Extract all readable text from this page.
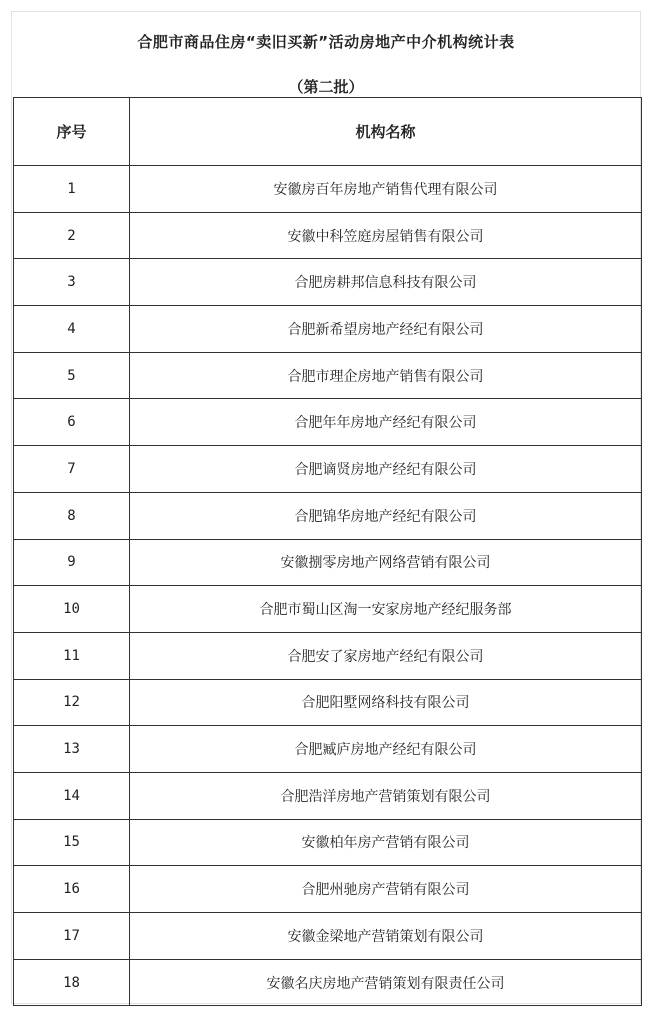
合肥市商品住房“卖旧买新”活动房地产中介机构统计表
（第二批）
序号	机构名称
1	安徽房百年房地产销售代理有限公司
2	安徽中科笠庭房屋销售有限公司
3	合肥房耕邦信息科技有限公司
4	合肥新希望房地产经纪有限公司
5	合肥市理企房地产销售有限公司
6	合肥年年房地产经纪有限公司
7	合肥谪贤房地产经纪有限公司
8	合肥锦华房地产经纪有限公司
9	安徽捌零房地产网络营销有限公司
10	合肥市蜀山区淘一安家房地产经纪服务部
11	合肥安了家房地产经纪有限公司
12	合肥阳墅网络科技有限公司
13	合肥臧庐房地产经纪有限公司
14	合肥浩洋房地产营销策划有限公司
15	安徽柏年房产营销有限公司
16	合肥州驰房产营销有限公司
17	安徽金梁地产营销策划有限公司
18	安徽名庆房地产营销策划有限责任公司
